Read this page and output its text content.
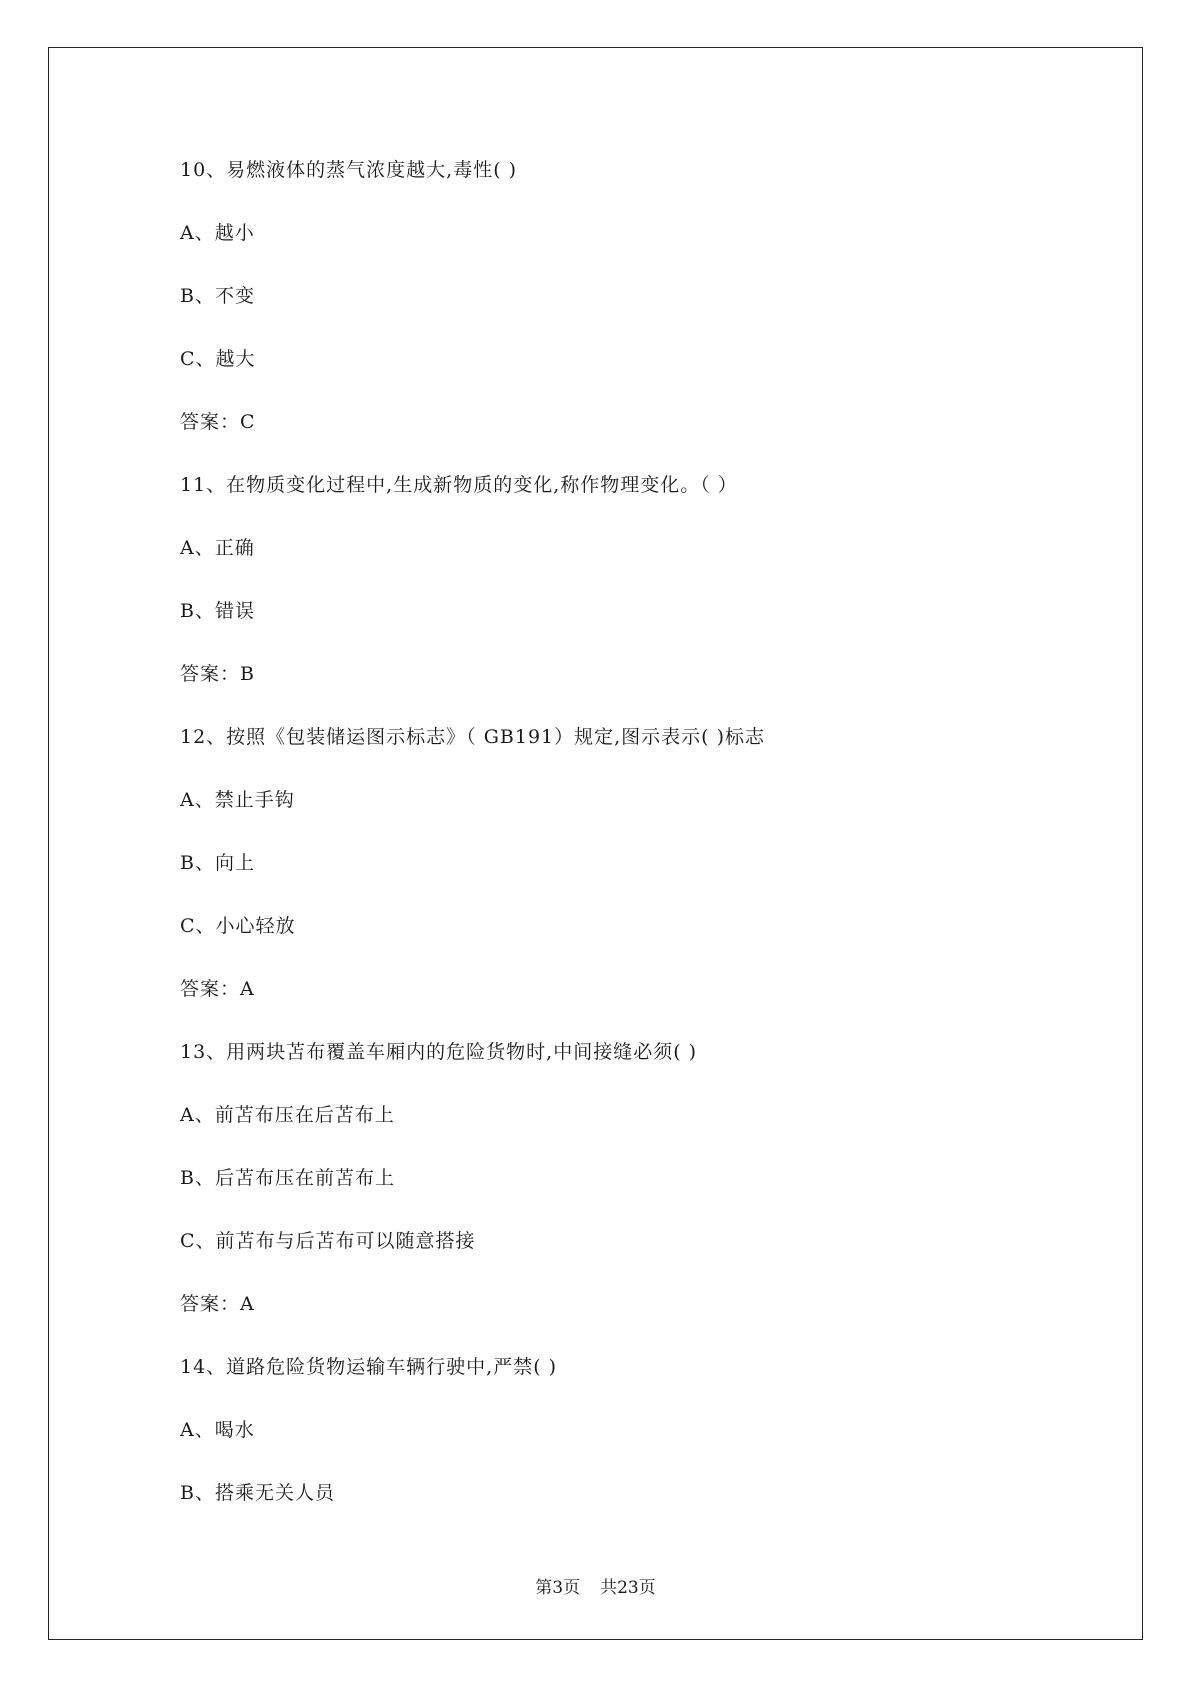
10、易燃液体的蒸气浓度越大,毒性( )
A、越小
B、不变
C、越大
答案：C
11、在物质变化过程中,生成新物质的变化,称作物理变化。（ ）
A、正确
B、错误
答案：B
12、按照《包装储运图示标志》（ GB191）规定,图示表示( )标志
A、禁止手钩
B、向上
C、小心轻放
答案：A
13、用两块苫布覆盖车厢内的危险货物时,中间接缝必须( )
A、前苫布压在后苫布上
B、后苫布压在前苫布上
C、前苫布与后苫布可以随意搭接
答案：A
14、道路危险货物运输车辆行驶中,严禁( )
A、喝水
B、搭乘无关人员
第3页 共23页
